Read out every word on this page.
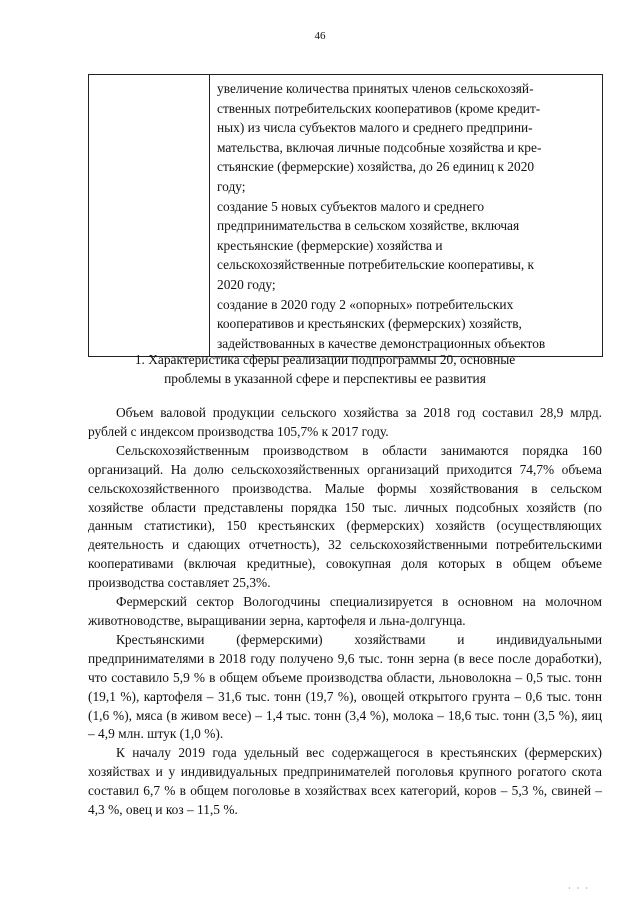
46

увеличение количества принятых членов сельскохозяй-
ственных потребительских кооперативов (кроме кредит-
ных) из числа субъектов малого и среднего предприни-
мательства, включая личные подсобные хозяйства и кре-
стьянские (фермерские) хозяйства, до 26 единиц к 2020
году;
создание 5 новых субъектов малого и среднего
предпринимательства в сельском хозяйстве, включая
крестьянские (фермерские) хозяйства и
сельскохозяйственные потребительские кооперативы, к
2020 году;
создание в 2020 году 2 «опорных» потребительских
кооперативов и крестьянских (фермерских) хозяйств,
задействованных в качестве демонстрационных объектов
1. Характеристика сферы реализации подпрограммы 20, основные
проблемы в указанной сфере и перспективы ее развития

Объем валовой продукции сельского хозяйства за 2018 год составил 28,9 млрд. рублей с индексом производства 105,7% к 2017 году.

Сельскохозяйственным производством в области занимаются порядка 160 организаций. На долю сельскохозяйственных организаций приходится 74,7% объема сельскохозяйственного производства. Малые формы хозяйствования в сельском хозяйстве области представлены порядка 150 тыс. личных подсобных хозяйств (по данным статистики), 150 крестьянских (фермерских) хозяйств (осуществляющих деятельность и сдающих отчетность), 32 сельскохозяйственными потребительскими кооперативами (включая кредитные), совокупная доля которых в общем объеме производства составляет 25,3%.

Фермерский сектор Вологодчины специализируется в основном на молочном животноводстве, выращивании зерна, картофеля и льна-долгунца.

Крестьянскими (фермерскими) хозяйствами и индивидуальными предпринимателями в 2018 году получено 9,6 тыс. тонн зерна (в весе после доработки), что составило 5,9 % в общем объеме производства области, льноволокна – 0,5 тыс. тонн (19,1 %), картофеля – 31,6 тыс. тонн (19,7 %), овощей открытого грунта – 0,6 тыс. тонн (1,6 %), мяса (в живом весе) – 1,4 тыс. тонн (3,4 %), молока – 18,6 тыс. тонн (3,5 %), яиц – 4,9 млн. штук (1,0 %).

К началу 2019 года удельный вес содержащегося в крестьянских (фермерских) хозяйствах и у индивидуальных предпринимателей поголовья крупного рогатого скота составил 6,7 % в общем поголовье в хозяйствах всех категорий, коров – 5,3 %, свиней – 4,3 %, овец и коз – 11,5 %.

· · ·
